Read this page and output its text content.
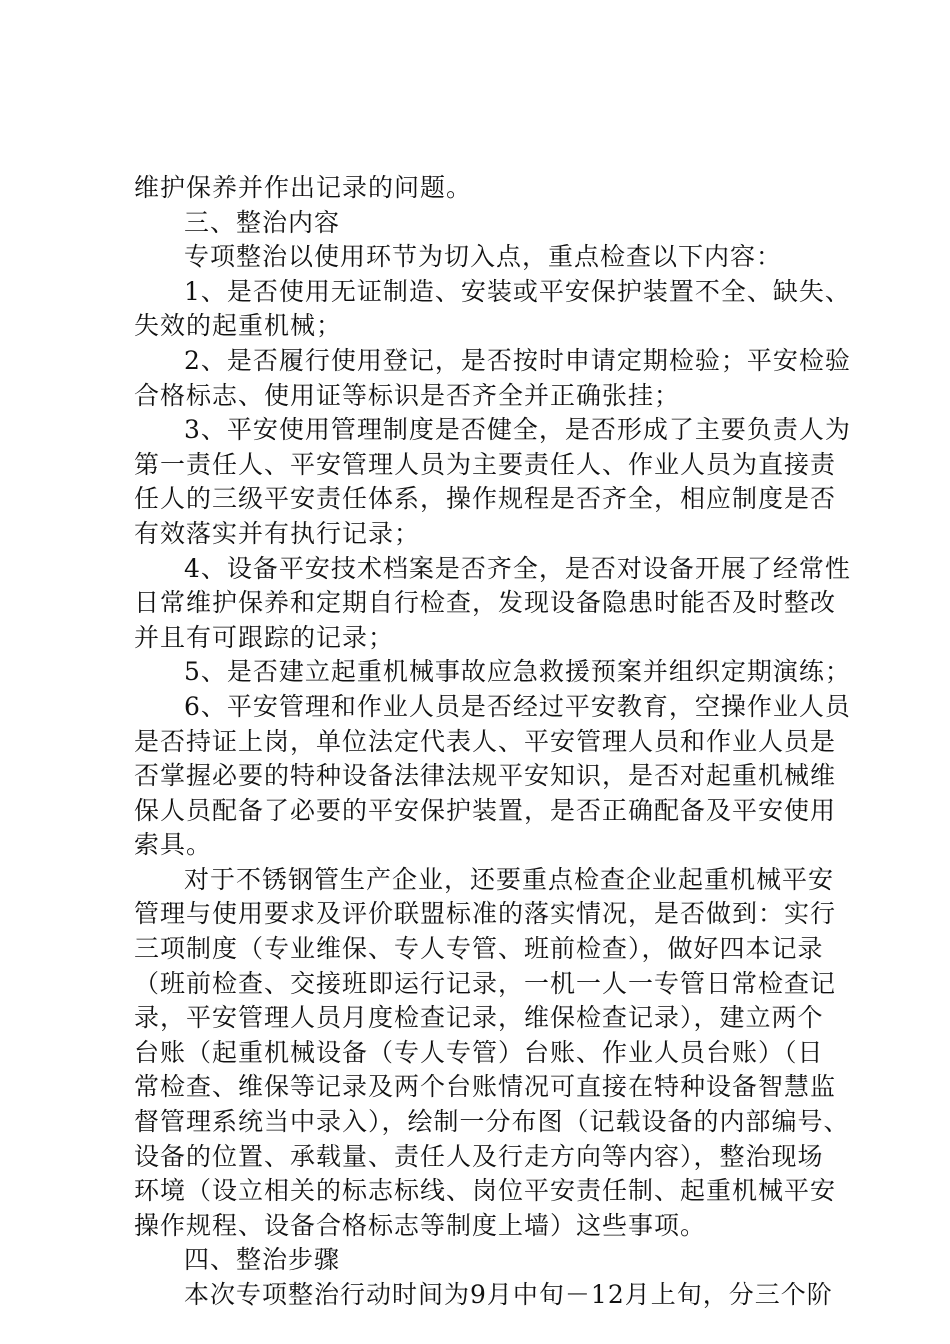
维护保养并作出记录的问题。
三、整治内容
专项整治以使用环节为切入点，重点检查以下内容：
1、是否使用无证制造、安装或平安保护装置不全、缺失、
失效的起重机械；
2、是否履行使用登记，是否按时申请定期检验；平安检验
合格标志、使用证等标识是否齐全并正确张挂；
3、平安使用管理制度是否健全，是否形成了主要负责人为
第一责任人、平安管理人员为主要责任人、作业人员为直接责
任人的三级平安责任体系，操作规程是否齐全，相应制度是否
有效落实并有执行记录；
4、设备平安技术档案是否齐全，是否对设备开展了经常性
日常维护保养和定期自行检查，发现设备隐患时能否及时整改
并且有可跟踪的记录；
5、是否建立起重机械事故应急救援预案并组织定期演练；
6、平安管理和作业人员是否经过平安教育，空操作业人员
是否持证上岗，单位法定代表人、平安管理人员和作业人员是
否掌握必要的特种设备法律法规平安知识，是否对起重机械维
保人员配备了必要的平安保护装置，是否正确配备及平安使用
索具。
对于不锈钢管生产企业，还要重点检查企业起重机械平安
管理与使用要求及评价联盟标准的落实情况，是否做到：实行
三项制度（专业维保、专人专管、班前检查），做好四本记录
（班前检查、交接班即运行记录，一机一人一专管日常检查记
录，平安管理人员月度检查记录，维保检查记录），建立两个
台账（起重机械设备（专人专管）台账、作业人员台账）（日
常检查、维保等记录及两个台账情况可直接在特种设备智慧监
督管理系统当中录入），绘制一分布图（记载设备的内部编号、
设备的位置、承载量、责任人及行走方向等内容），整治现场
环境（设立相关的标志标线、岗位平安责任制、起重机械平安
操作规程、设备合格标志等制度上墙）这些事项。
四、整治步骤
本次专项整治行动时间为9月中旬－12月上旬，分三个阶
